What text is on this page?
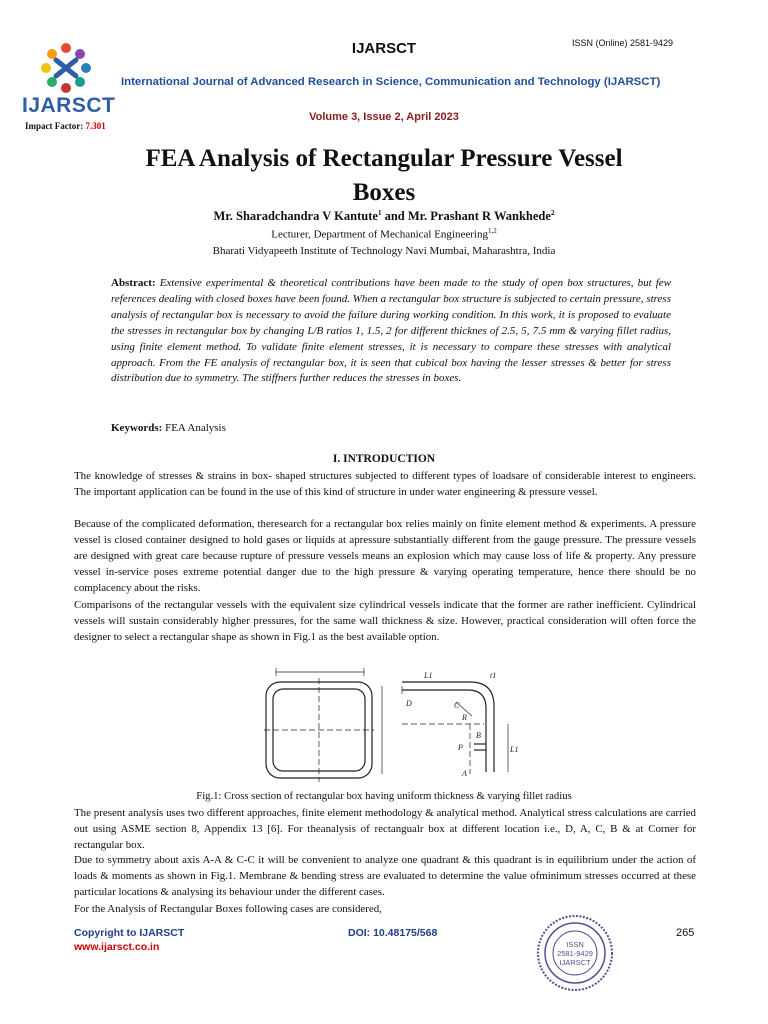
IJARSCT
Impact Factor: 7.301
IJARSCT	ISSN (Online) 2581-9429
International Journal of Advanced Research in Science, Communication and Technology (IJARSCT)
Volume 3, Issue 2, April 2023
FEA Analysis of Rectangular Pressure Vessel
Boxes
Mr. Sharadchandra V Kantute$^1$ and Mr. Prashant R Wankhede$^2$
Lecturer, Department of Mechanical Engineering$^{1,2}$
Bharati Vidyapeeth Institute of Technology Navi Mumbai, Maharashtra, India
Abstract: Extensive experimental & theoretical contributions have been made to the study of open box structures, but few references dealing with closed boxes have been found. When a rectangular box structure is subjected to certain pressure, stress analysis of rectangular box is necessary to avoid the failure during working condition. In this work, it is proposed to evaluate the stresses in rectangular box by changing L/B ratios 1, 1.5, 2 for different thicknes of 2.5, 5, 7.5 mm & varying fillet radius, using finite element method. To validate finite element stresses, it is necessary to compare these stresses with analytical approach. From the FE analysis of rectangular box, it is seen that cubical box having the lesser stresses & better for stress distribution due to symmetry. The stiffners further reduces the stresses in boxes.
Keywords: FEA Analysis
I. INTRODUCTION
The knowledge of stresses & strains in box- shaped structures subjected to different types of loadsare of considerable interest to engineers. The important application can be found in the use of this kind of structure in under water engineering & pressure vessel.
Because of the complicated deformation, theresearch for a rectangular box relies mainly on finite element method & experiments. A pressure vessel is closed container designed to hold gases or liquids at apressure substantially different from the gauge pressure. The pressure vessels are designed with great care because rupture of pressure vessels means an explosion which may cause loss of life & property. Any pressure vessel in-service poses extreme potential danger due to the high pressure & varying operating temperature, hence there should be no complacency about the risks.
Comparisons of the rectangular vessels with the equivalent size cylindrical vessels indicate that the former are rather inefficient. Cylindrical vessels will sustain considerably higher pressures, for the same wall thickness & size. However, practical consideration will often force the designer to select a rectangular shape as shown in Fig.1 as the best available option.
L1	t1
D	C
A
B
R
L1
P
Fig.1: Cross section of rectangular box having uniform thickness & varying fillet radius
The present analysis uses two different approaches, finite element methodology & analytical method. Analytical stress calculations are carried out using ASME section 8, Appendix 13 [6]. For theanalysis of rectangualr box at different location i.e., D, A, C, B & at Corner for rectangular box.
Due to symmetry about axis A-A & C-C it will be convenient to analyze one quadrant & this quadrant is in equilibrium under the action of loads & moments as shown in Fig.1. Membrane & bending stress are evaluated to determine the value ofminimum stresses occurred at these particular locations & analysing its behaviour under the different cases.
For the Analysis of Rectangular Boxes following cases are considered,
Copyright to IJARSCT
www.ijarsct.co.in
DOI: 10.48175/568	265
ISSN
2581-9429
IJARSCT
